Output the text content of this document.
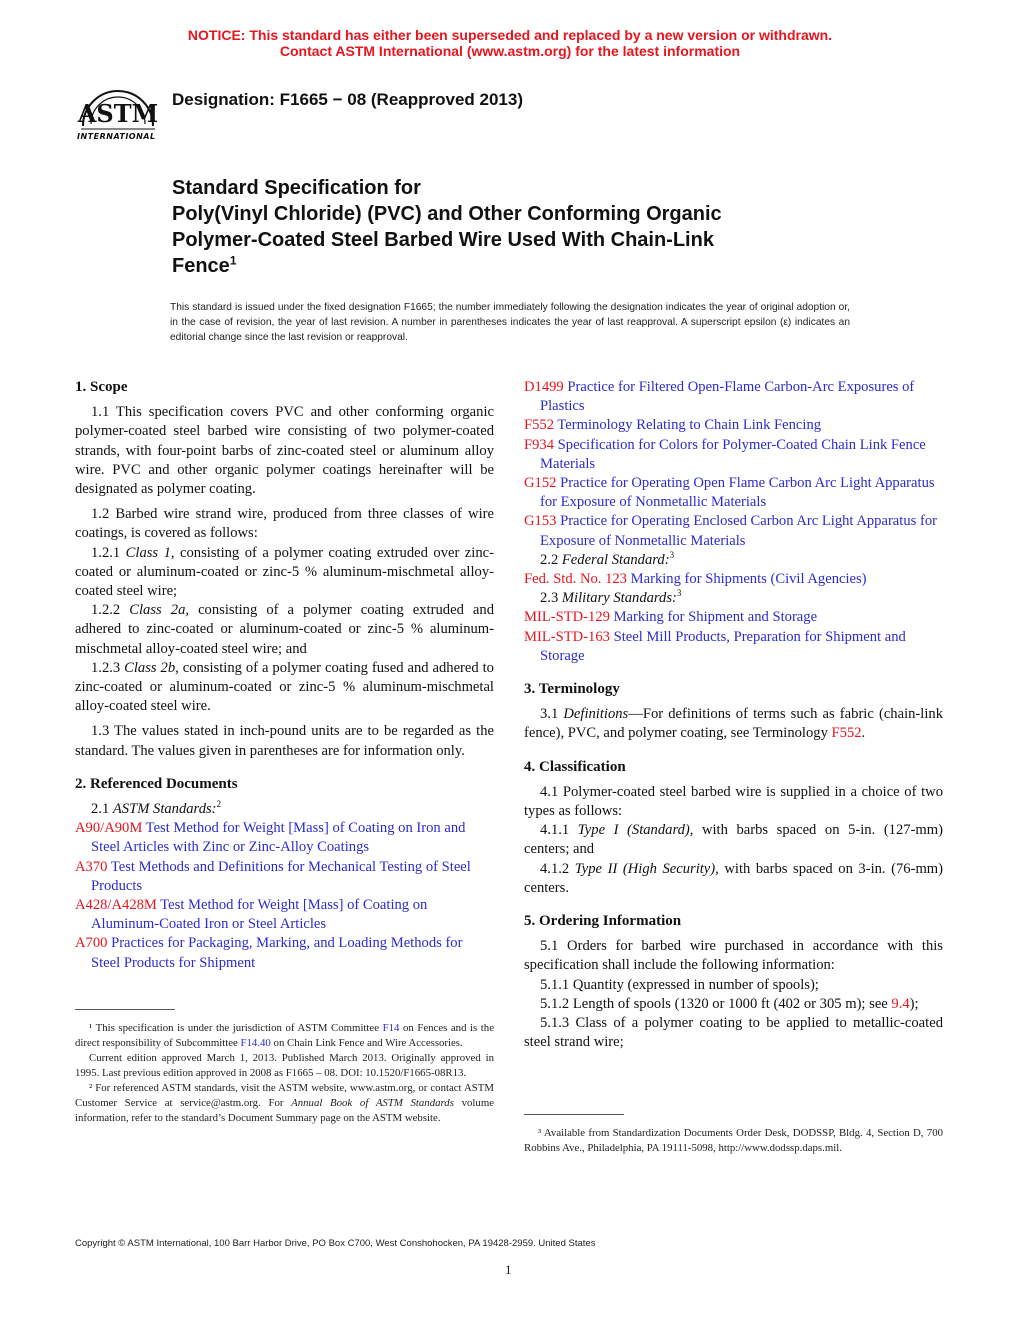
NOTICE: This standard has either been superseded and replaced by a new version or withdrawn.
Contact ASTM International (www.astm.org) for the latest information
ASTM
INTERNATIONAL
Designation: F1665 − 08 (Reapproved 2013)
Standard Specification for
Poly(Vinyl Chloride) (PVC) and Other Conforming Organic
Polymer-Coated Steel Barbed Wire Used With Chain-Link
Fence$^1$
This standard is issued under the fixed designation F1665; the number immediately following the designation indicates the year of original adoption or, in the case of revision, the year of last revision. A number in parentheses indicates the year of last reapproval. A superscript epsilon (ε) indicates an editorial change since the last revision or reapproval.

1. Scope

1.1 This specification covers PVC and other conforming organic polymer-coated steel barbed wire consisting of two polymer-coated strands, with four-point barbs of zinc-coated steel or aluminum alloy wire. PVC and other organic polymer coatings hereinafter will be designated as polymer coating.

1.2 Barbed wire strand wire, produced from three classes of wire coatings, is covered as follows:

1.2.1 Class 1, consisting of a polymer coating extruded over zinc-coated or aluminum-coated or zinc-5 % aluminum-mischmetal alloy-coated steel wire;

1.2.2 Class 2a, consisting of a polymer coating extruded and adhered to zinc-coated or aluminum-coated or zinc-5 % aluminum-mischmetal alloy-coated steel wire; and

1.2.3 Class 2b, consisting of a polymer coating fused and adhered to zinc-coated or aluminum-coated or zinc-5 % aluminum-mischmetal alloy-coated steel wire.

1.3 The values stated in inch-pound units are to be regarded as the standard. The values given in parentheses are for information only.

2. Referenced Documents

2.1 ASTM Standards:$^2$

A90/A90M Test Method for Weight [Mass] of Coating on Iron and Steel Articles with Zinc or Zinc-Alloy Coatings

A370 Test Methods and Definitions for Mechanical Testing of Steel Products

A428/A428M Test Method for Weight [Mass] of Coating on Aluminum-Coated Iron or Steel Articles

A700 Practices for Packaging, Marking, and Loading Methods for Steel Products for Shipment

D1499 Practice for Filtered Open-Flame Carbon-Arc Exposures of Plastics

F552 Terminology Relating to Chain Link Fencing

F934 Specification for Colors for Polymer-Coated Chain Link Fence Materials

G152 Practice for Operating Open Flame Carbon Arc Light Apparatus for Exposure of Nonmetallic Materials

G153 Practice for Operating Enclosed Carbon Arc Light Apparatus for Exposure of Nonmetallic Materials

2.2 Federal Standard:$^3$

Fed. Std. No. 123 Marking for Shipments (Civil Agencies)

2.3 Military Standards:$^3$

MIL-STD-129 Marking for Shipment and Storage

MIL-STD-163 Steel Mill Products, Preparation for Shipment and Storage

3. Terminology

3.1 Definitions—For definitions of terms such as fabric (chain-link fence), PVC, and polymer coating, see Terminology F552.

4. Classification

4.1 Polymer-coated steel barbed wire is supplied in a choice of two types as follows:

4.1.1 Type I (Standard), with barbs spaced on 5-in. (127-mm) centers; and

4.1.2 Type II (High Security), with barbs spaced on 3-in. (76-mm) centers.

5. Ordering Information

5.1 Orders for barbed wire purchased in accordance with this specification shall include the following information:

5.1.1 Quantity (expressed in number of spools);

5.1.2 Length of spools (1320 or 1000 ft (402 or 305 m); see 9.4);

5.1.3 Class of a polymer coating to be applied to metallic-coated steel strand wire;

¹ This specification is under the jurisdiction of ASTM Committee F14 on Fences and is the direct responsibility of Subcommittee F14.40 on Chain Link Fence and Wire Accessories.

Current edition approved March 1, 2013. Published March 2013. Originally approved in 1995. Last previous edition approved in 2008 as F1665 – 08. DOI: 10.1520/F1665-08R13.

² For referenced ASTM standards, visit the ASTM website, www.astm.org, or contact ASTM Customer Service at service@astm.org. For Annual Book of ASTM Standards volume information, refer to the standard’s Document Summary page on the ASTM website.

³ Available from Standardization Documents Order Desk, DODSSP, Bldg. 4, Section D, 700 Robbins Ave., Philadelphia, PA 19111-5098, http://www.dodssp.daps.mil.

Copyright © ASTM International, 100 Barr Harbor Drive, PO Box C700, West Conshohocken, PA 19428-2959. United States
1
